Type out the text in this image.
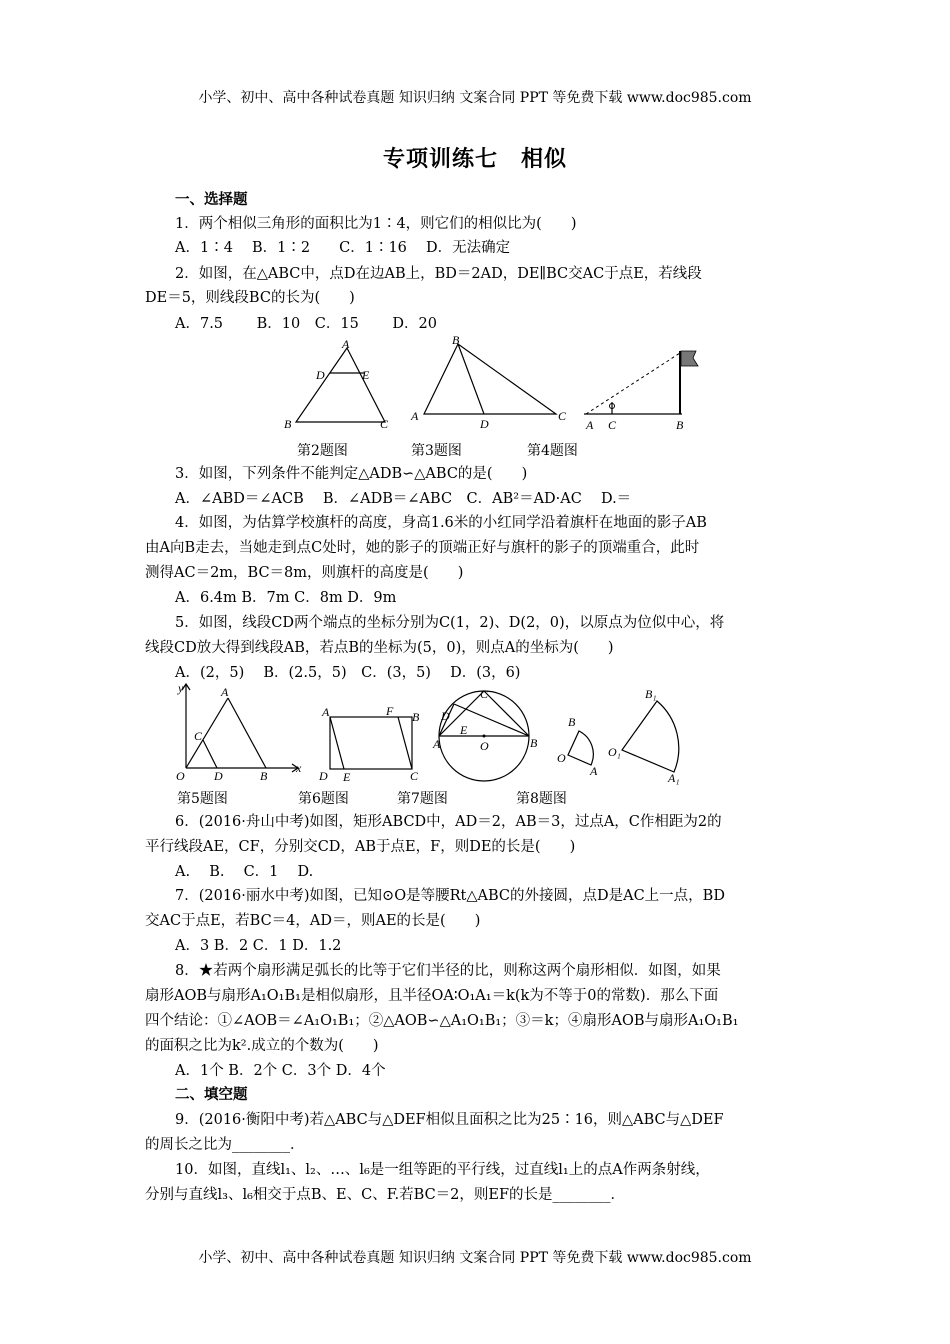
小学、初中、高中各种试卷真题 知识归纳 文案合同 PPT 等免费下载 www.doc985.com
专项训练七　相似
一、选择题
1．两个相似三角形的面积比为1∶4，则它们的相似比为(　　)
A．1∶4　 B．1∶2　　C．1∶16　 D．无法确定
2．如图，在△ABC中，点D在边AB上，BD＝2AD，DE∥BC交AC于点E，若线段
DE＝5，则线段BC的长为(　　)
A．7.5　　 B．10　C．15　　 D．20
A
D	E
B	C
B
A
D
C
A C	B
第2题图	第3题图	第4题图
3．如图，下列条件不能判定△ADB∽△ABC的是(　　)
A．∠ABD＝∠ACB　 B．∠ADB＝∠ABC　C．AB²＝AD·AC　 D.＝
4．如图，为估算学校旗杆的高度，身高1.6米的小红同学沿着旗杆在地面的影子AB
由A向B走去，当她走到点C处时，她的影子的顶端正好与旗杆的影子的顶端重合，此时
测得AC＝2m，BC＝8m，则旗杆的高度是(　　)
A．6.4m B．7m C．8m D．9m
5．如图，线段CD两个端点的坐标分别为C(1，2)、D(2，0)，以原点为位似中心，将
线段CD放大得到线段AB，若点B的坐标为(5，0)，则点A的坐标为(　　)
A．(2，5)　 B．(2.5，5)　C．(3，5)　 D．(3，6)
y	A
C
O D	B
x
A	F B
D E	C
C
D
E
A	O	B
B
O
A
B₁
O₁
A₁
第5题图	第6题图	第7题图	第8题图
6．(2016·舟山中考)如图，矩形ABCD中，AD＝2，AB＝3，过点A，C作相距为2的
平行线段AE，CF，分别交CD，AB于点E，F，则DE的长是(　　)
A.　 B.　 C．1　 D.
7．(2016·丽水中考)如图，已知⊙O是等腰Rt△ABC的外接圆，点D是AC上一点，BD
交AC于点E，若BC＝4，AD＝，则AE的长是(　　)
A．3 B．2 C．1 D．1.2
8．★若两个扇形满足弧长的比等于它们半径的比，则称这两个扇形相似．如图，如果
扇形AOB与扇形A₁O₁B₁是相似扇形，且半径OA∶O₁A₁＝k(k为不等于0的常数)．那么下面
四个结论：①∠AOB＝∠A₁O₁B₁；②△AOB∽△A₁O₁B₁；③＝k；④扇形AOB与扇形A₁O₁B₁
的面积之比为k².成立的个数为(　　)
A．1个 B．2个 C．3个 D．4个
二、填空题
9．(2016·衡阳中考)若△ABC与△DEF相似且面积之比为25∶16，则△ABC与△DEF
的周长之比为________．
10．如图，直线l₁、l₂、…、l₆是一组等距的平行线，过直线l₁上的点A作两条射线，
分别与直线l₃、l₆相交于点B、E、C、F.若BC＝2，则EF的长是________．
小学、初中、高中各种试卷真题 知识归纳 文案合同 PPT 等免费下载 www.doc985.com
